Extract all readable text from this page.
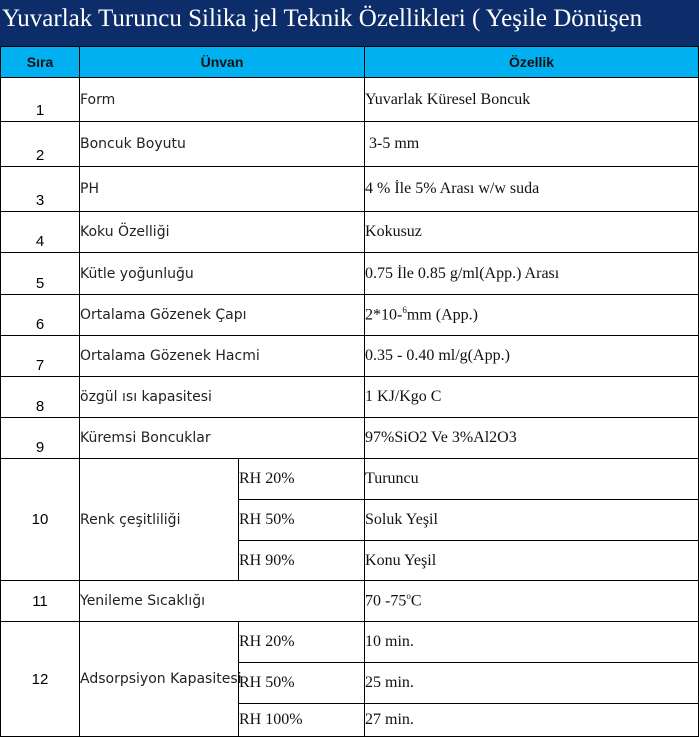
Yuvarlak Turuncu Silika jel Teknik Özellikleri ( Yeşile Dönüşen
Sıra	Ünvan		Özellik
1	Form		Yuvarlak Küresel Boncuk
2	Boncuk Boyutu		3-5 mm
3	PH		4 % İle 5% Arası w/w suda
4	Koku Özelliği		Kokusuz
5	Kütle yoğunluğu		0.75 İle 0.85 g/ml(App.) Arası
6	Ortalama Gözenek Çapı		2*10-$^6$mm (App.)
7	Ortalama Gözenek Hacmi		0.35 - 0.40 ml/g(App.)
8	özgül ısı kapasitesi		1 KJ/Kgo C
9	Küremsi Boncuklar		97%SiO2 Ve 3%Al2O3
10	Renk çeşitliliği	RH 20%	Turuncu
		RH 50%	Soluk Yeşil
		RH 90%	Konu Yeşil
11	Yenileme Sıcaklığı		70 -75$^o$C
12	Adsorpsiyon Kapasitesi	RH 20%	10 min.
		RH 50%	25 min.
		RH 100%	27 min.
